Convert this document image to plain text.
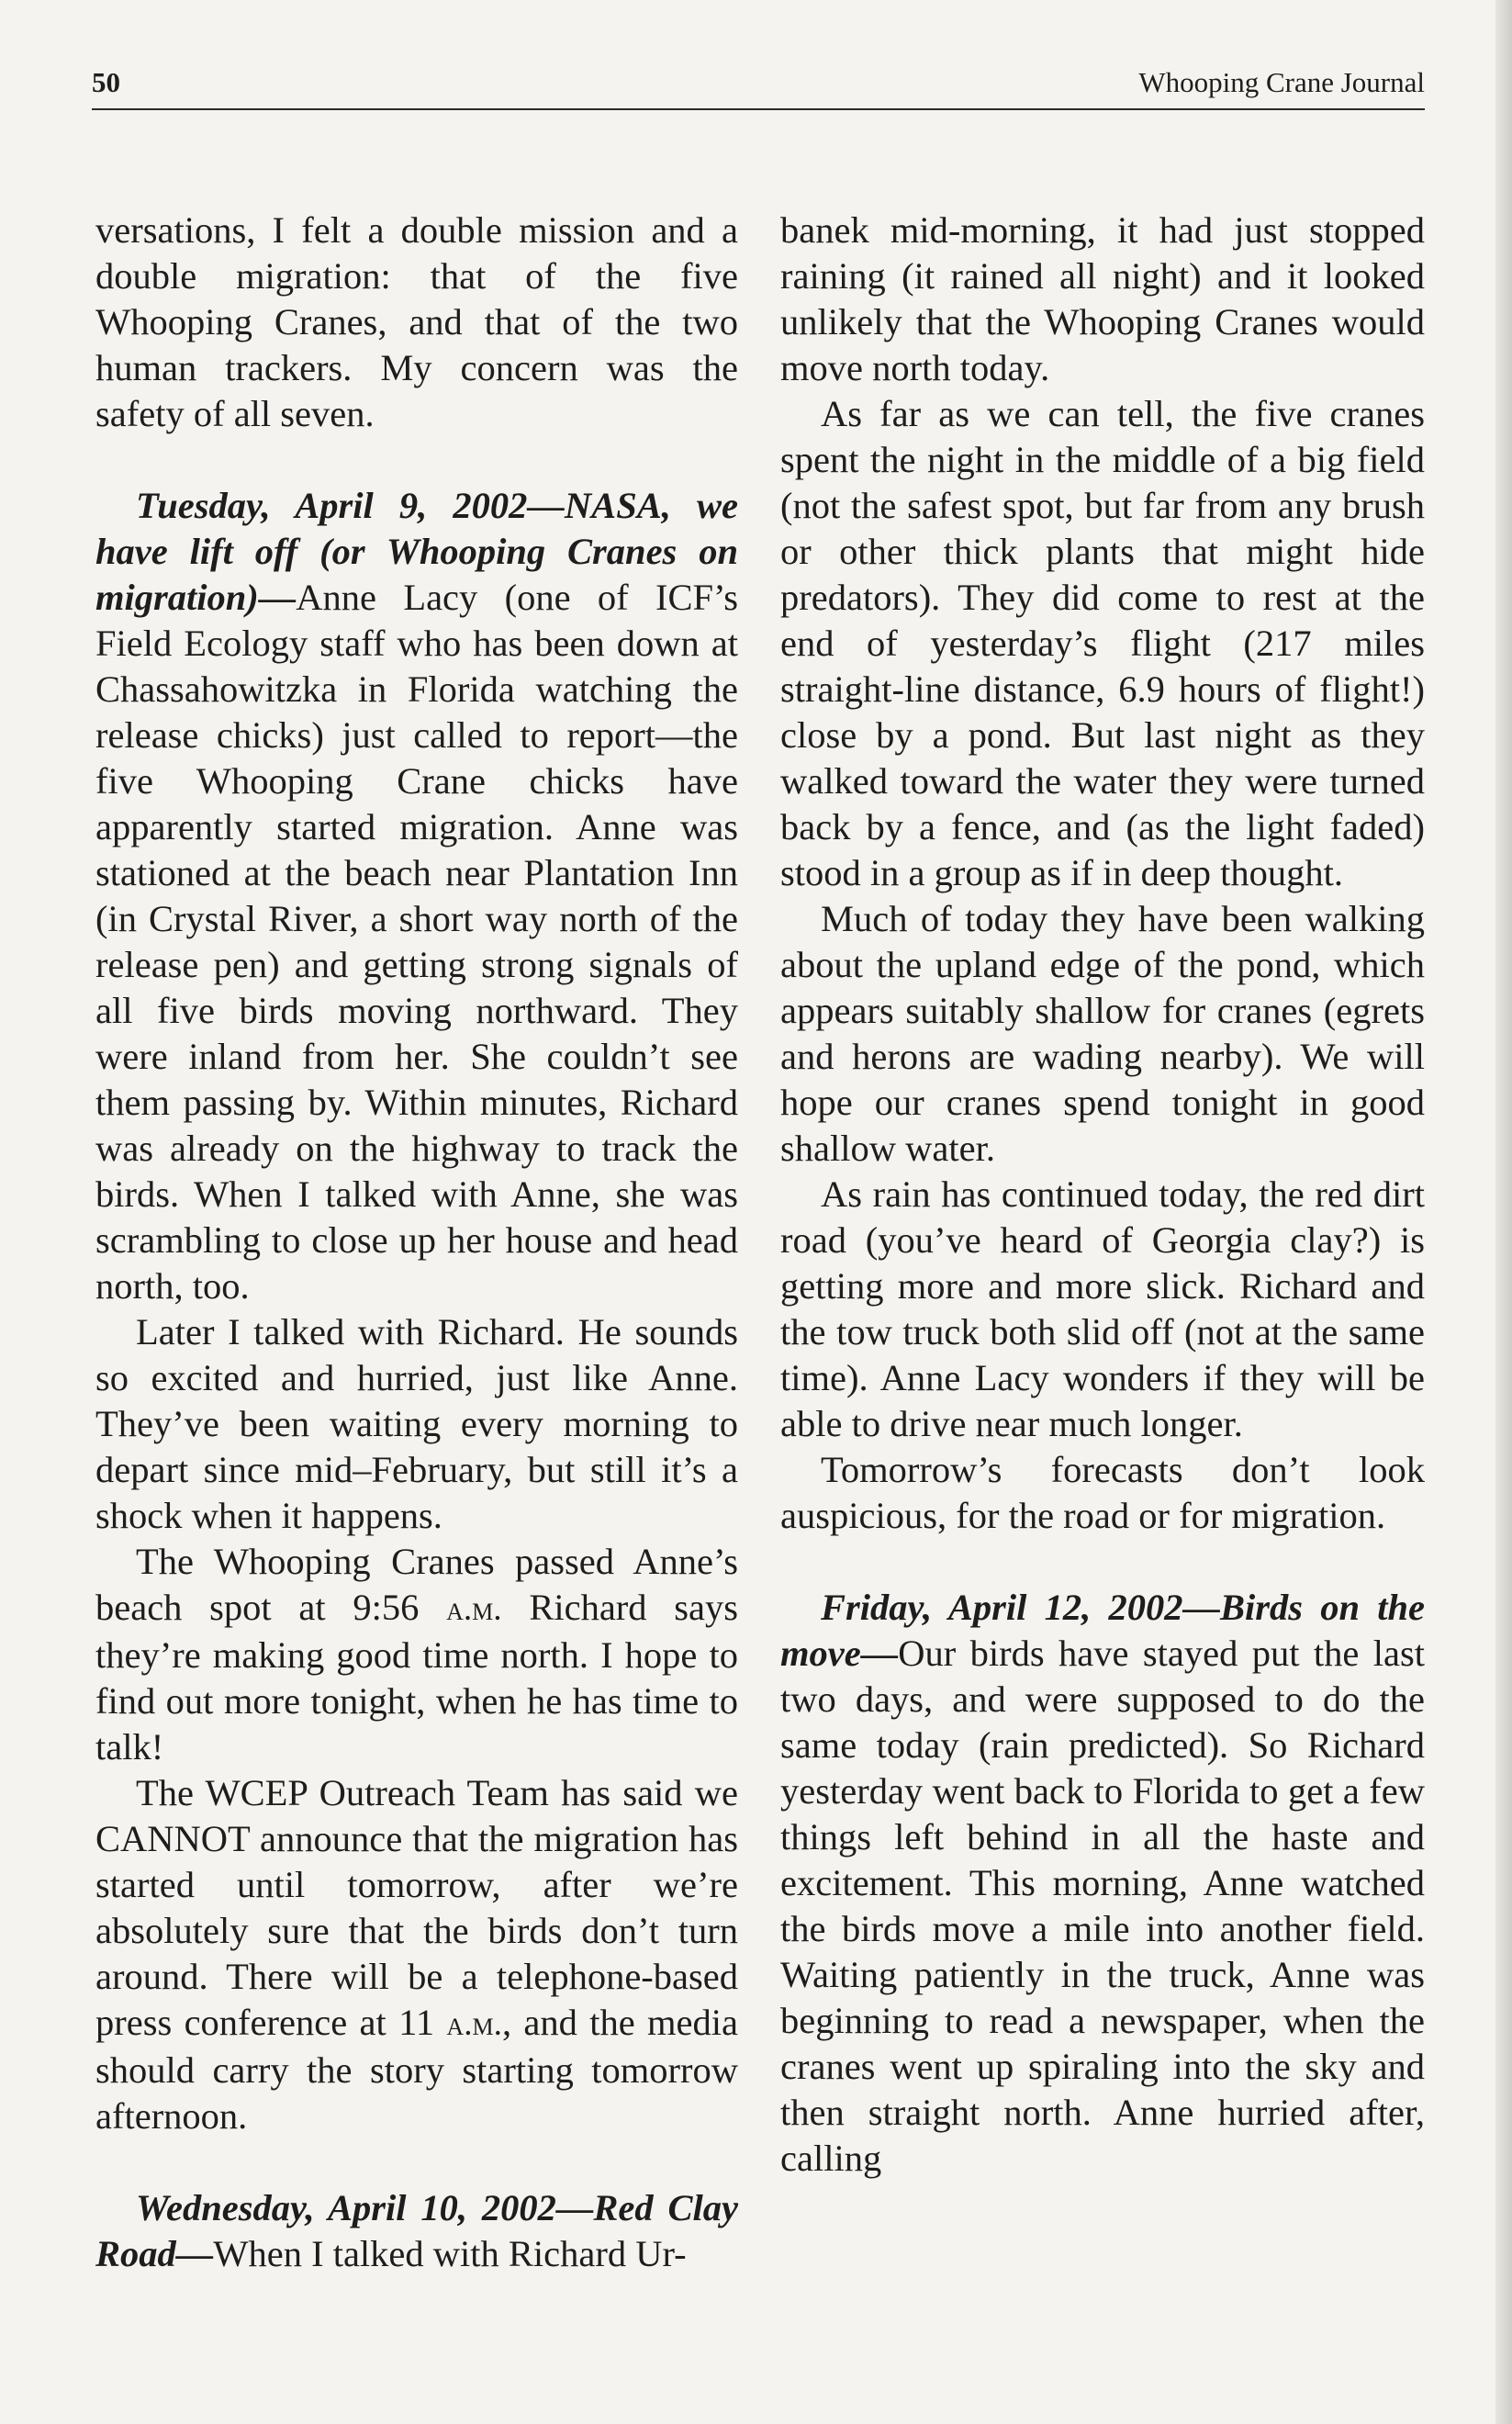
50	Whooping Crane Journal

versations, I felt a double mission and a double migration: that of the five Whooping Cranes, and that of the two human trackers. My concern was the safety of all seven.

Tuesday, April 9, 2002—NASA, we have lift off (or Whooping Cranes on migration)—Anne Lacy (one of ICF’s Field Ecology staff who has been down at Chassahowitzka in Florida watching the release chicks) just called to report—the five Whooping Crane chicks have apparently started migration. Anne was stationed at the beach near Plantation Inn (in Crystal River, a short way north of the release pen) and getting strong signals of all five birds moving northward. They were inland from her. She couldn’t see them passing by. Within minutes, Richard was already on the highway to track the birds. When I talked with Anne, she was scrambling to close up her house and head north, too.

Later I talked with Richard. He sounds so excited and hurried, just like Anne. They’ve been waiting every morning to depart since mid–February, but still it’s a shock when it happens.

The Whooping Cranes passed Anne’s beach spot at 9:56 a.m. Richard says they’re making good time north. I hope to find out more tonight, when he has time to talk!

The WCEP Outreach Team has said we CANNOT announce that the migration has started until tomorrow, after we’re absolutely sure that the birds don’t turn around. There will be a telephone-based press conference at 11 a.m., and the media should carry the story starting tomorrow afternoon.

Wednesday, April 10, 2002—Red Clay Road—When I talked with Richard Ur-

banek mid-morning, it had just stopped raining (it rained all night) and it looked unlikely that the Whooping Cranes would move north today.

As far as we can tell, the five cranes spent the night in the middle of a big field (not the safest spot, but far from any brush or other thick plants that might hide predators). They did come to rest at the end of yesterday’s flight (217 miles straight-line distance, 6.9 hours of flight!) close by a pond. But last night as they walked toward the water they were turned back by a fence, and (as the light faded) stood in a group as if in deep thought.

Much of today they have been walking about the upland edge of the pond, which appears suitably shallow for cranes (egrets and herons are wading nearby). We will hope our cranes spend tonight in good shallow water.

As rain has continued today, the red dirt road (you’ve heard of Georgia clay?) is getting more and more slick. Richard and the tow truck both slid off (not at the same time). Anne Lacy wonders if they will be able to drive near much longer.

Tomorrow’s forecasts don’t look auspicious, for the road or for migration.

Friday, April 12, 2002—Birds on the move—Our birds have stayed put the last two days, and were supposed to do the same today (rain predicted). So Richard yesterday went back to Florida to get a few things left behind in all the haste and excitement. This morning, Anne watched the birds move a mile into another field. Waiting patiently in the truck, Anne was beginning to read a newspaper, when the cranes went up spiraling into the sky and then straight north. Anne hurried after, calling
